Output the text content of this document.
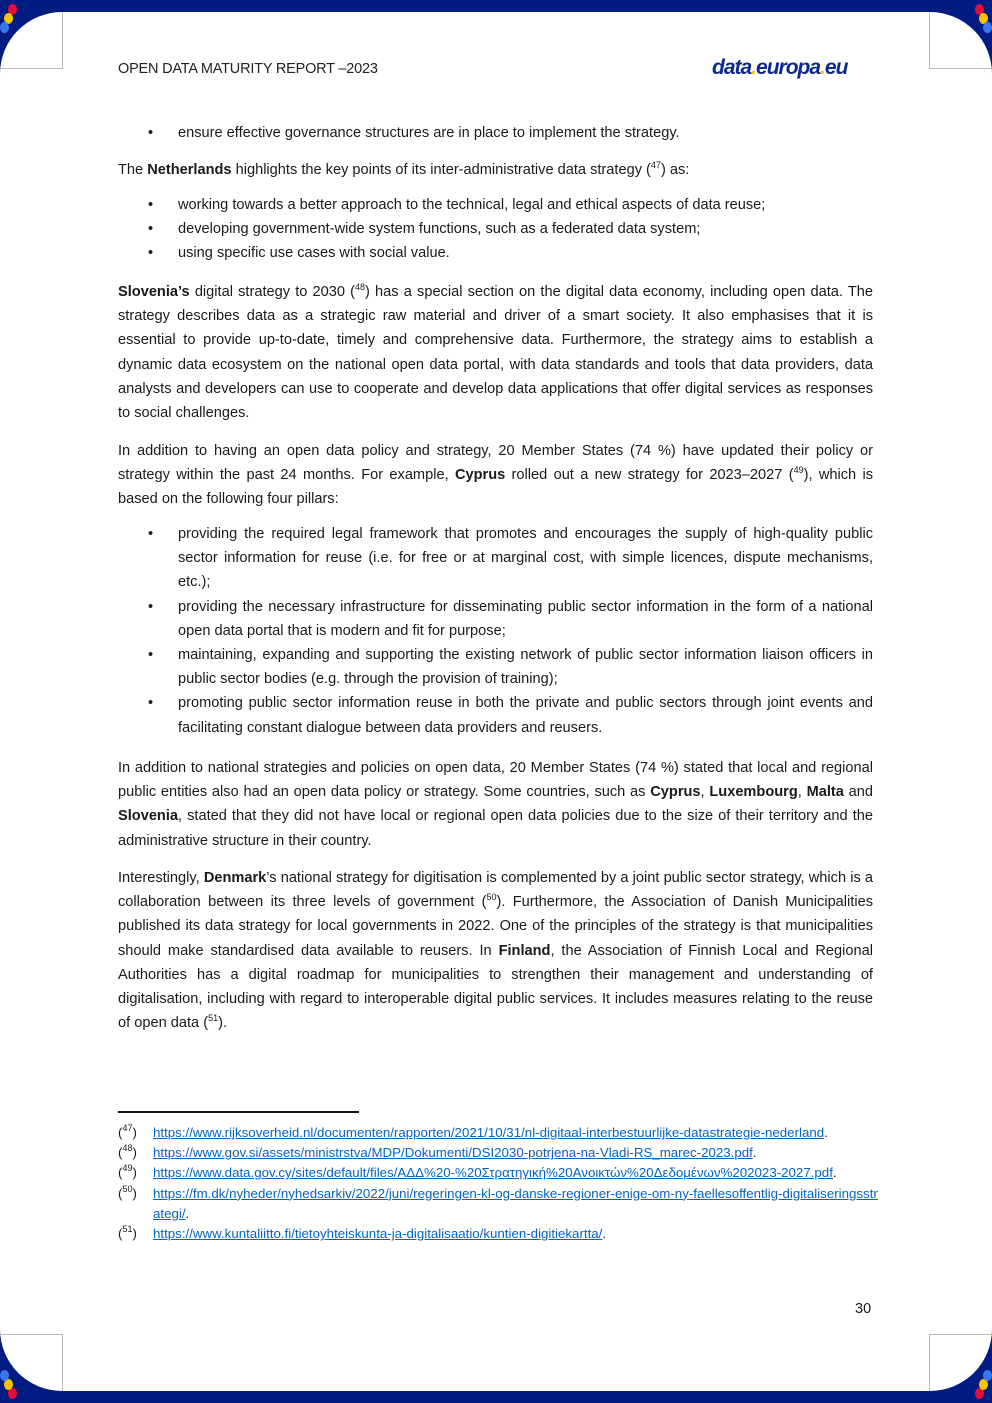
OPEN DATA MATURITY REPORT –2023	data.europa.eu
• ensure effective governance structures are in place to implement the strategy.
The Netherlands highlights the key points of its inter-administrative data strategy ($^{47}$) as:
• working towards a better approach to the technical, legal and ethical aspects of data reuse;
• developing government-wide system functions, such as a federated data system;
• using specific use cases with social value.
Slovenia’s digital strategy to 2030 ($^{48}$) has a special section on the digital data economy, including open data. The strategy describes data as a strategic raw material and driver of a smart society. It also emphasises that it is essential to provide up-to-date, timely and comprehensive data. Furthermore, the strategy aims to establish a dynamic data ecosystem on the national open data portal, with data standards and tools that data providers, data analysts and developers can use to cooperate and develop data applications that offer digital services as responses to social challenges.
In addition to having an open data policy and strategy, 20 Member States (74 %) have updated their policy or strategy within the past 24 months. For example, Cyprus rolled out a new strategy for 2023–2027 ($^{49}$), which is based on the following four pillars:
• providing the required legal framework that promotes and encourages the supply of high-quality public sector information for reuse (i.e. for free or at marginal cost, with simple licences, dispute mechanisms, etc.);
• providing the necessary infrastructure for disseminating public sector information in the form of a national open data portal that is modern and fit for purpose;
• maintaining, expanding and supporting the existing network of public sector information liaison officers in public sector bodies (e.g. through the provision of training);
• promoting public sector information reuse in both the private and public sectors through joint events and facilitating constant dialogue between data providers and reusers.
In addition to national strategies and policies on open data, 20 Member States (74 %) stated that local and regional public entities also had an open data policy or strategy. Some countries, such as Cyprus, Luxembourg, Malta and Slovenia, stated that they did not have local or regional open data policies due to the size of their territory and the administrative structure in their country.
Interestingly, Denmark’s national strategy for digitisation is complemented by a joint public sector strategy, which is a collaboration between its three levels of government ($^{50}$). Furthermore, the Association of Danish Municipalities published its data strategy for local governments in 2022. One of the principles of the strategy is that municipalities should make standardised data available to reusers. In Finland, the Association of Finnish Local and Regional Authorities has a digital roadmap for municipalities to strengthen their management and understanding of digitalisation, including with regard to interoperable digital public services. It includes measures relating to the reuse of open data ($^{51}$).
($^{47}$) https://www.rijksoverheid.nl/documenten/rapporten/2021/10/31/nl-digitaal-interbestuurlijke-datastrategie-nederland.
($^{48}$) https://www.gov.si/assets/ministrstva/MDP/Dokumenti/DSI2030-potrjena-na-Vladi-RS_marec-2023.pdf.
($^{49}$) https://www.data.gov.cy/sites/default/files/ΑΔΔ%20-%20Στρατηγική%20Ανοικτών%20Δεδομένων%202023-2027.pdf.
($^{50}$) https://fm.dk/nyheder/nyhedsarkiv/2022/juni/regeringen-kl-og-danske-regioner-enige-om-ny-faellesoffentlig-digitaliseringsstrategi/.
($^{51}$) https://www.kuntaliitto.fi/tietoyhteiskunta-ja-digitalisaatio/kuntien-digitiekartta/.
30
